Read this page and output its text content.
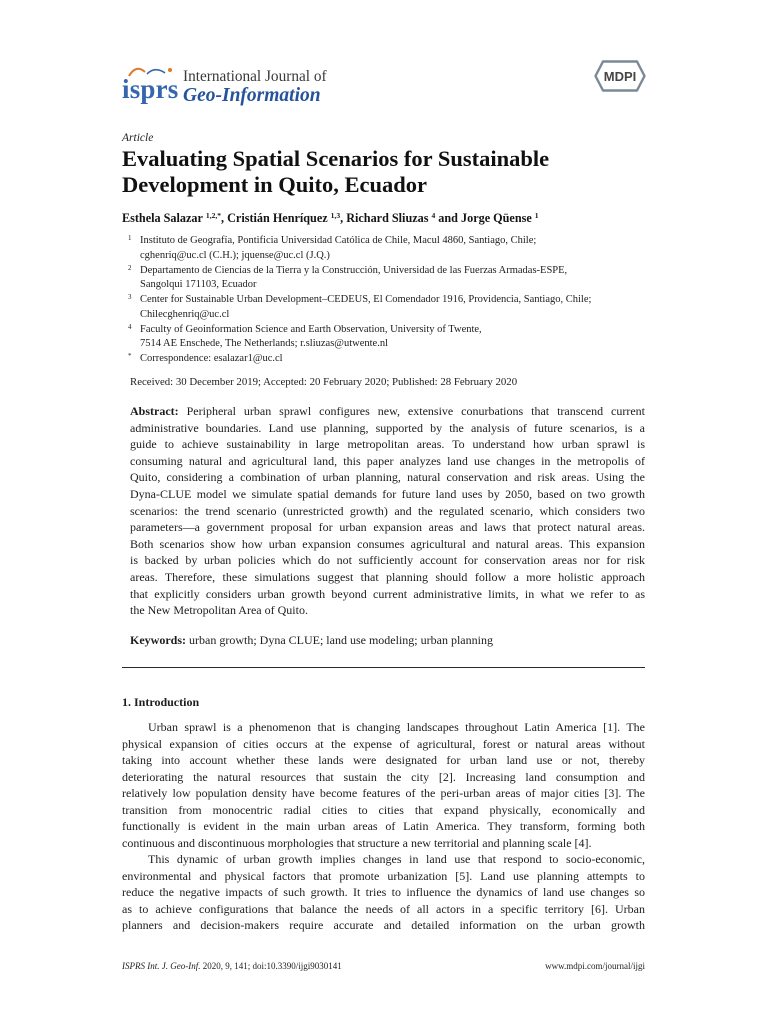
isprs International Journal of
Geo-Information
MDPI
Article
Evaluating Spatial Scenarios for Sustainable Development in Quito, Ecuador
Esthela Salazar $^{1,2,*}$, Cristián Henríquez $^{1,3}$, Richard Sliuzas $^4$ and Jorge Qüense $^1$
1 Instituto de Geografía, Pontificia Universidad Católica de Chile, Macul 4860, Santiago, Chile;
cghenriq@uc.cl (C.H.); jquense@uc.cl (J.Q.)
2 Departamento de Ciencias de la Tierra y la Construcción, Universidad de las Fuerzas Armadas-ESPE,
Sangolqui 171103, Ecuador
3 Center for Sustainable Urban Development–CEDEUS, El Comendador 1916, Providencia, Santiago, Chile;
Chilecghenriq@uc.cl
4 Faculty of Geoinformation Science and Earth Observation, University of Twente,
7514 AE Enschede, The Netherlands; r.sliuzas@utwente.nl
* Correspondence: esalazar1@uc.cl
Received: 30 December 2019; Accepted: 20 February 2020; Published: 28 February 2020
Abstract: Peripheral urban sprawl configures new, extensive conurbations that transcend current
administrative boundaries. Land use planning, supported by the analysis of future scenarios, is a
guide to achieve sustainability in large metropolitan areas. To understand how urban sprawl is
consuming natural and agricultural land, this paper analyzes land use changes in the metropolis of
Quito, considering a combination of urban planning, natural conservation and risk areas. Using the
Dyna-CLUE model we simulate spatial demands for future land uses by 2050, based on two growth
scenarios: the trend scenario (unrestricted growth) and the regulated scenario, which considers two
parameters—a government proposal for urban expansion areas and laws that protect natural areas.
Both scenarios show how urban expansion consumes agricultural and natural areas. This expansion
is backed by urban policies which do not sufficiently account for conservation areas nor for risk
areas. Therefore, these simulations suggest that planning should follow a more holistic approach
that explicitly considers urban growth beyond current administrative limits, in what we refer to as
the New Metropolitan Area of Quito.
Keywords: urban growth; Dyna CLUE; land use modeling; urban planning
1. Introduction
Urban sprawl is a phenomenon that is changing landscapes throughout Latin America [1]. The
physical expansion of cities occurs at the expense of agricultural, forest or natural areas without
taking into account whether these lands were designated for urban land use or not, thereby
deteriorating the natural resources that sustain the city [2]. Increasing land consumption and
relatively low population density have become features of the peri-urban areas of major cities [3]. The
transition from monocentric radial cities to cities that expand physically, economically and
functionally is evident in the main urban areas of Latin America. They transform, forming both
continuous and discontinuous morphologies that structure a new territorial and planning scale [4].
This dynamic of urban growth implies changes in land use that respond to socio-economic,
environmental and physical factors that promote urbanization [5]. Land use planning attempts to
reduce the negative impacts of such growth. It tries to influence the dynamics of land use changes so
as to achieve configurations that balance the needs of all actors in a specific territory [6]. Urban
planners and decision-makers require accurate and detailed information on the urban growth
ISPRS Int. J. Geo-Inf. 2020, 9, 141; doi:10.3390/ijgi9030141	www.mdpi.com/journal/ijgi
